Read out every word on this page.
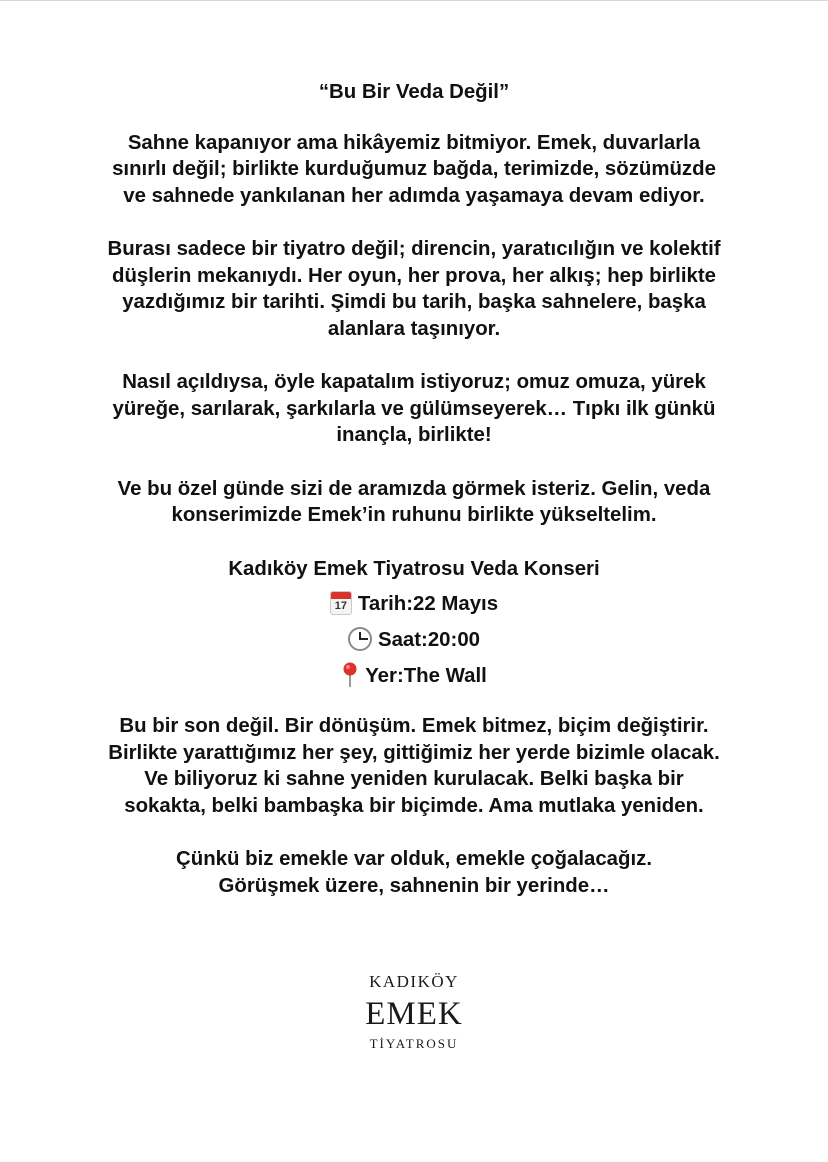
“Bu Bir Veda Değil”
Sahne kapanıyor ama hikâyemiz bitmiyor. Emek, duvarlarla
sınırlı değil; birlikte kurduğumuz bağda, terimizde, sözümüzde
ve sahnede yankılanan her adımda yaşamaya devam ediyor.
Burası sadece bir tiyatro değil; direncin, yaratıcılığın ve kolektif
düşlerin mekanıydı. Her oyun, her prova, her alkış; hep birlikte
yazdığımız bir tarihti. Şimdi bu tarih, başka sahnelere, başka
alanlara taşınıyor.
Nasıl açıldıysa, öyle kapatalım istiyoruz; omuz omuza, yürek
yüreğe, sarılarak, şarkılarla ve gülümseyerek… Tıpkı ilk günkü
inançla, birlikte!
Ve bu özel günde sizi de aramızda görmek isteriz. Gelin, veda
konserimizde Emek’in ruhunu birlikte yükseltelim.
Kadıköy Emek Tiyatrosu Veda Konseri
17 Tarih:22 Mayıs
Saat:20:00
Yer:The Wall
Bu bir son değil. Bir dönüşüm. Emek bitmez, biçim değiştirir.
Birlikte yarattığımız her şey, gittiğimiz her yerde bizimle olacak.
Ve biliyoruz ki sahne yeniden kurulacak. Belki başka bir
sokakta, belki bambaşka bir biçimde. Ama mutlaka yeniden.
Çünkü biz emekle var olduk, emekle çoğalacağız.
Görüşmek üzere, sahnenin bir yerinde…
KADIKÖY
EMEK
TİYATROSU
